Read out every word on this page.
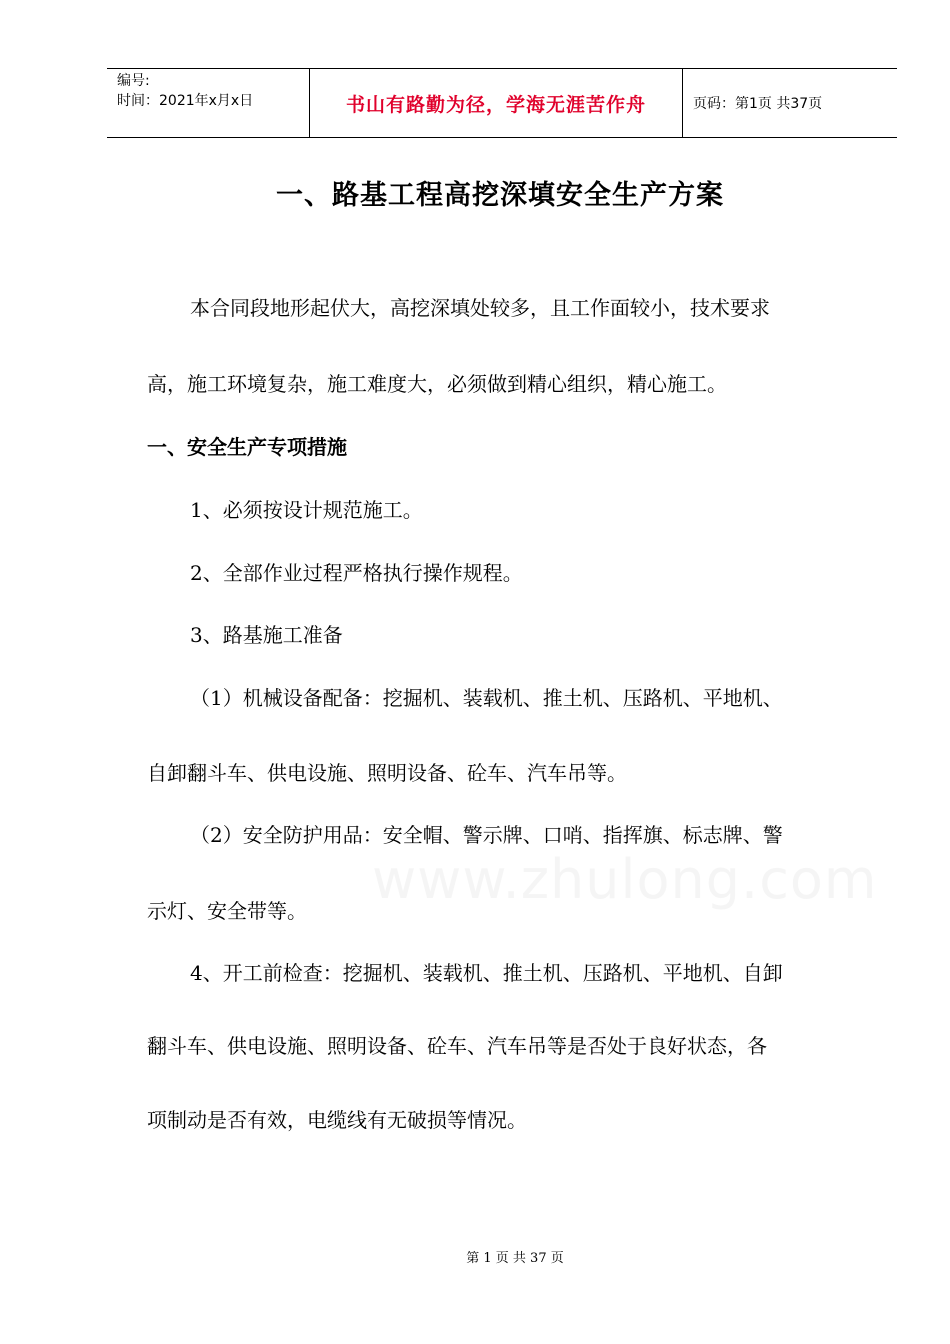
编号:
时间：2021年x月x日	书山有路勤为径，学海无涯苦作舟	页码：第1页 共37页
一、路基工程高挖深填安全生产方案
本合同段地形起伏大，高挖深填处较多，且工作面较小，技术要求
高，施工环境复杂，施工难度大，必须做到精心组织，精心施工。
一、安全生产专项措施
1、必须按设计规范施工。
2、全部作业过程严格执行操作规程。
3、路基施工准备
（1）机械设备配备：挖掘机、装载机、推土机、压路机、平地机、
自卸翻斗车、供电设施、照明设备、砼车、汽车吊等。
（2）安全防护用品：安全帽、警示牌、口哨、指挥旗、标志牌、警
示灯、安全带等。 www.zhulong.com
4、开工前检查：挖掘机、装载机、推土机、压路机、平地机、自卸
翻斗车、供电设施、照明设备、砼车、汽车吊等是否处于良好状态，各
项制动是否有效，电缆线有无破损等情况。
第 1 页 共 37 页
